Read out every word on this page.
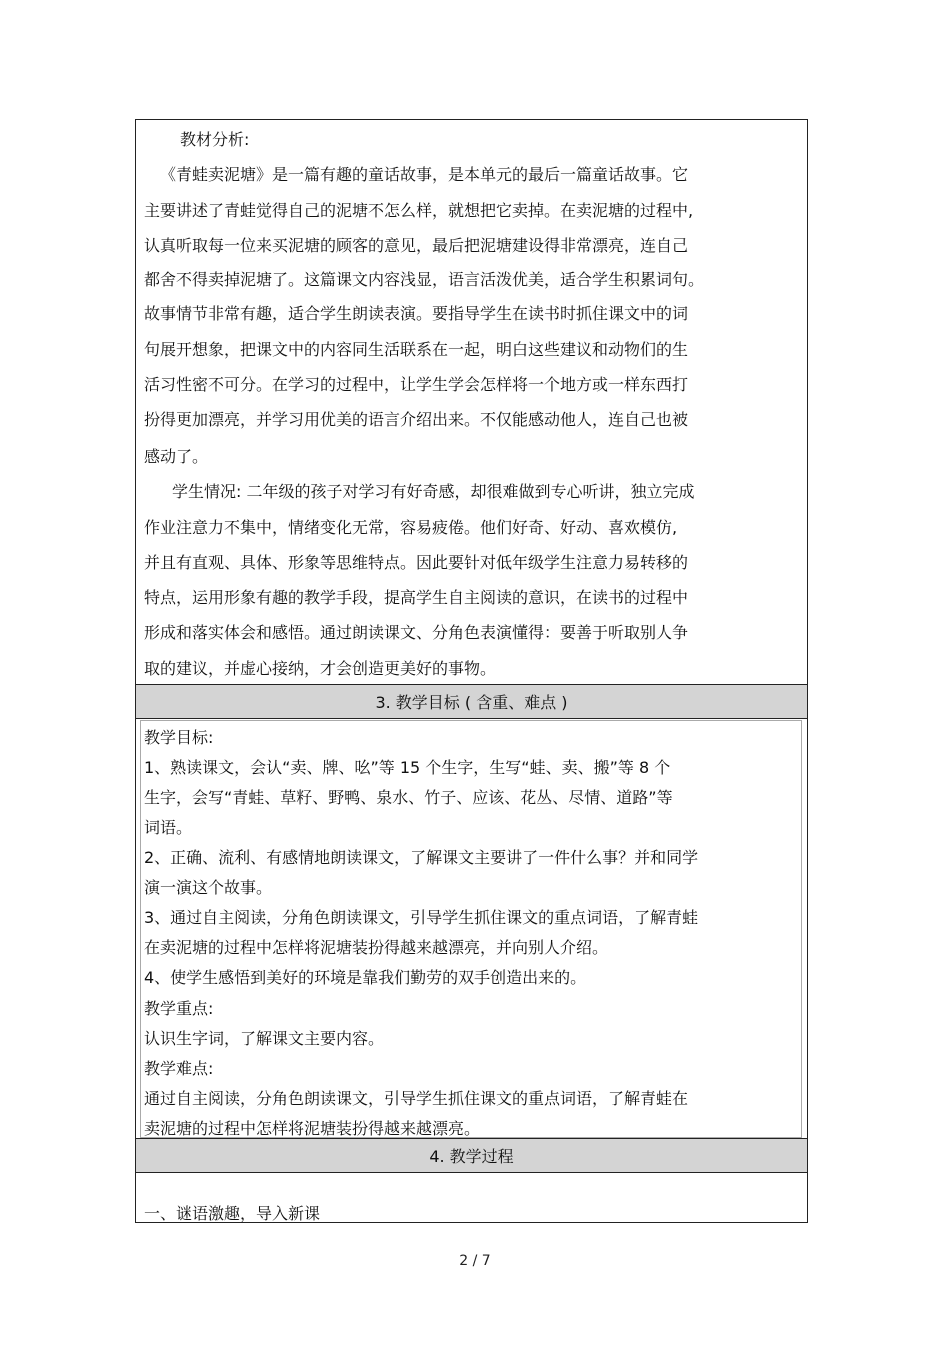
教材分析:
《青蛙卖泥塘》是一篇有趣的童话故事，是本单元的最后一篇童话故事。它
主要讲述了青蛙觉得自己的泥塘不怎么样，就想把它卖掉。在卖泥塘的过程中,
认真听取每一位来买泥塘的顾客的意见，最后把泥塘建设得非常漂亮，连自己
都舍不得卖掉泥塘了。这篇课文内容浅显，语言活泼优美，适合学生积累词句。
故事情节非常有趣，适合学生朗读表演。要指导学生在读书时抓住课文中的词
句展开想象，把课文中的内容同生活联系在一起，明白这些建议和动物们的生
活习性密不可分。在学习的过程中，让学生学会怎样将一个地方或一样东西打
扮得更加漂亮，并学习用优美的语言介绍出来。不仅能感动他人，连自己也被
感动了。
学生情况: 二年级的孩子对学习有好奇感，却很难做到专心听讲，独立完成
作业注意力不集中，情绪变化无常，容易疲倦。他们好奇、好动、喜欢模仿,
并且有直观、具体、形象等思维特点。因此要针对低年级学生注意力易转移的
特点，运用形象有趣的教学手段，提高学生自主阅读的意识，在读书的过程中
形成和落实体会和感悟。通过朗读课文、分角色表演懂得：要善于听取别人争
取的建议，并虚心接纳，才会创造更美好的事物。
3. 教学目标 ( 含重、难点 )
教学目标:
1、熟读课文，会认“卖、牌、吆”等 15 个生字，生写“蛙、卖、搬”等 8 个
生字，会写“青蛙、草籽、野鸭、泉水、竹子、应该、花丛、尽情、道路”等
词语。
2、正确、流利、有感情地朗读课文，了解课文主要讲了一件什么事？并和同学
演一演这个故事。
3、通过自主阅读，分角色朗读课文，引导学生抓住课文的重点词语，了解青蛙
在卖泥塘的过程中怎样将泥塘装扮得越来越漂亮，并向别人介绍。
4、使学生感悟到美好的环境是靠我们勤劳的双手创造出来的。
教学重点:
认识生字词，了解课文主要内容。
教学难点:
通过自主阅读，分角色朗读课文，引导学生抓住课文的重点词语，了解青蛙在
卖泥塘的过程中怎样将泥塘装扮得越来越漂亮。
4. 教学过程
一、谜语激趣，导入新课
2 / 7
